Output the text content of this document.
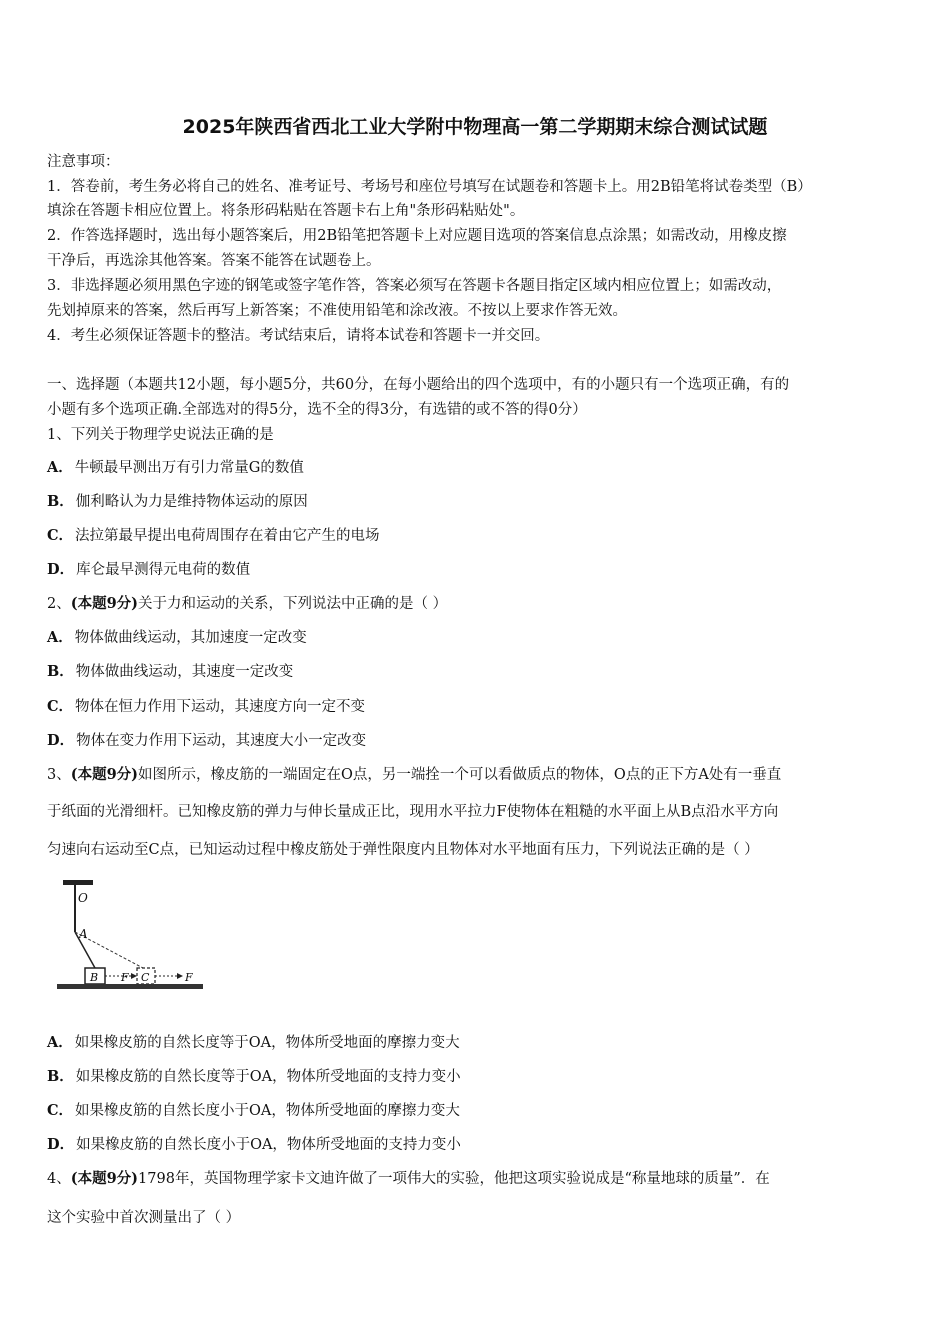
2025年陕西省西北工业大学附中物理高一第二学期期末综合测试试题
注意事项：
1．答卷前，考生务必将自己的姓名、准考证号、考场号和座位号填写在试题卷和答题卡上。用2B铅笔将试卷类型（B）
填涂在答题卡相应位置上。将条形码粘贴在答题卡右上角"条形码粘贴处"。
2．作答选择题时，选出每小题答案后，用2B铅笔把答题卡上对应题目选项的答案信息点涂黑；如需改动，用橡皮擦
干净后，再选涂其他答案。答案不能答在试题卷上。
3．非选择题必须用黑色字迹的钢笔或签字笔作答，答案必须写在答题卡各题目指定区域内相应位置上；如需改动，
先划掉原来的答案，然后再写上新答案；不准使用铅笔和涂改液。不按以上要求作答无效。
4．考生必须保证答题卡的整洁。考试结束后，请将本试卷和答题卡一并交回。
一、选择题（本题共12小题，每小题5分，共60分，在每小题给出的四个选项中，有的小题只有一个选项正确，有的
小题有多个选项正确.全部选对的得5分，选不全的得3分，有选错的或不答的得0分）
1、下列关于物理学史说法正确的是
A． 牛顿最早测出万有引力常量G的数值
B． 伽利略认为力是维持物体运动的原因
C． 法拉第最早提出电荷周围存在着由它产生的电场
D． 库仑最早测得元电荷的数值
2、(本题9分)关于力和运动的关系，下列说法中正确的是（ ）
A． 物体做曲线运动，其加速度一定改变
B． 物体做曲线运动，其速度一定改变
C． 物体在恒力作用下运动，其速度方向一定不变
D． 物体在变力作用下运动，其速度大小一定改变
3、(本题9分)如图所示，橡皮筋的一端固定在O点，另一端拴一个可以看做质点的物体，O点的正下方A处有一垂直
于纸面的光滑细杆。已知橡皮筋的弹力与伸长量成正比，现用水平拉力F使物体在粗糙的水平面上从B点沿水平方向
匀速向右运动至C点，已知运动过程中橡皮筋处于弹性限度内且物体对水平地面有压力，下列说法正确的是（ ）
O
A
B F C	F
A． 如果橡皮筋的自然长度等于OA，物体所受地面的摩擦力变大
B． 如果橡皮筋的自然长度等于OA，物体所受地面的支持力变小
C． 如果橡皮筋的自然长度小于OA，物体所受地面的摩擦力变大
D． 如果橡皮筋的自然长度小于OA，物体所受地面的支持力变小
4、(本题9分)1798年，英国物理学家卡文迪许做了一项伟大的实验，他把这项实验说成是“称量地球的质量”．在
这个实验中首次测量出了（ ）
